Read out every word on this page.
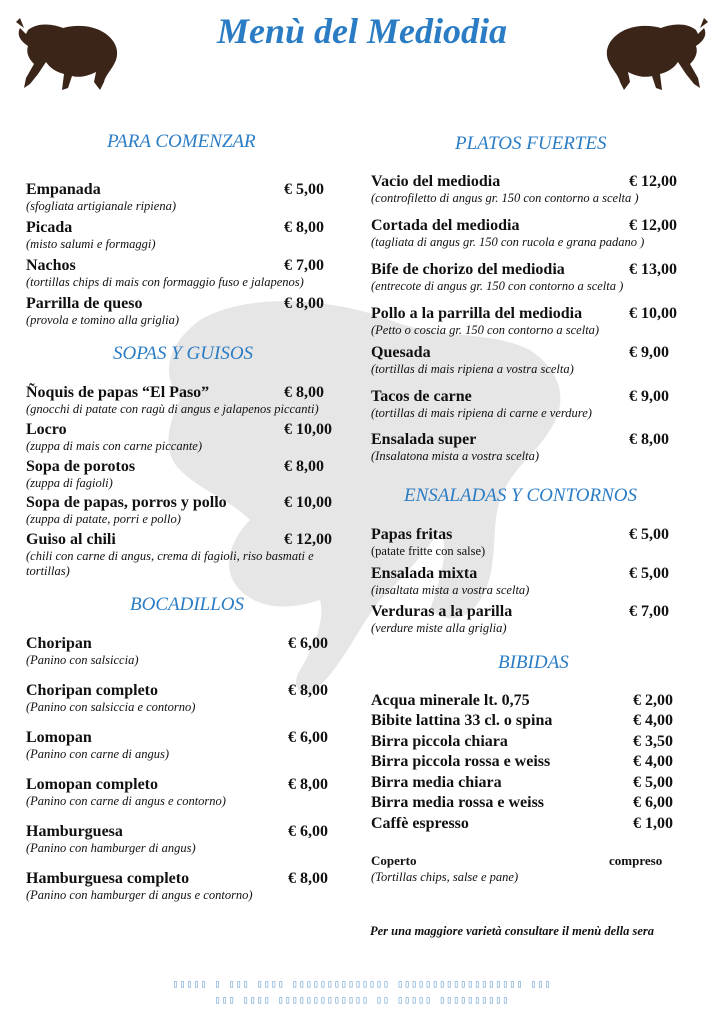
Menù del Mediodia
PARA COMENZAR
SOPAS Y GUISOS
BOCADILLOS
PLATOS FUERTES
ENSALADAS Y CONTORNOS
BIBIDAS
Empanada
(sfogliata artigianale ripiena)
€ 5,00
Picada
(misto salumi e formaggi)
€ 8,00
Nachos
(tortillas chips di mais con formaggio fuso e jalapenos)
€ 7,00
Parrilla de queso
(provola e tomino alla griglia)
€ 8,00
Ñoquis de papas “El Paso”
(gnocchi di patate con ragù di angus e jalapenos piccanti)
€ 8,00
Locro
(zuppa di mais con carne piccante)
€ 10,00
Sopa de porotos
(zuppa di fagioli)
€ 8,00
Sopa de papas, porros y pollo
(zuppa di patate, porri e pollo)
€ 10,00
Guiso al chili
(chili con carne di angus, crema di fagioli, riso basmati e tortillas)
€ 12,00
Choripan
(Panino con salsiccia)
€ 6,00
Choripan completo
(Panino con salsiccia e contorno)
€ 8,00
Lomopan
(Panino con carne di angus)
€ 6,00
Lomopan completo
(Panino con carne di angus e contorno)
€ 8,00
Hamburguesa
(Panino con hamburger di angus)
€ 6,00
Hamburguesa completo
(Panino con hamburger di angus e contorno)
€ 8,00
Vacio del mediodia
(controfiletto di angus gr. 150 con contorno a scelta )
€ 12,00
Cortada del mediodia
(tagliata di angus gr. 150 con rucola e grana padano )
€ 12,00
Bife de chorizo del mediodia
(entrecote di angus gr. 150 con contorno a scelta )
€ 13,00
Pollo a la parrilla del mediodia
(Petto o coscia gr. 150 con contorno a scelta)
€ 10,00
Quesada
(tortillas di mais ripiena a vostra scelta)
€ 9,00
Tacos de carne
(tortillas di mais ripiena di carne e verdure)
€ 9,00
Ensalada super
(Insalatona mista a vostra scelta)
€ 8,00
Papas fritas
(patate fritte con salse)
€ 5,00
Ensalada mixta
(insaltata mista a vostra scelta)
€ 5,00
Verduras a la parilla
(verdure miste alla griglia)
€ 7,00
Acqua minerale lt. 0,75	€ 2,00
Bibite lattina 33 cl. o spina	€ 4,00
Birra piccola chiara	€ 3,50
Birra piccola rossa e weiss	€ 4,00
Birra media chiara	€ 5,00
Birra media rossa e weiss	€ 6,00
Caffè espresso	€ 1,00
Coperto
(Tortillas chips, salse e pane)
compreso
Per una maggiore varietà consultare il menù della sera
▯▯▯▯▯ ▯ ▯▯▯ ▯▯▯▯ ▯▯▯▯▯▯▯▯▯▯▯▯▯▯ ▯▯▯▯▯▯▯▯▯▯▯▯▯▯▯▯▯▯ ▯▯▯
▯▯▯ ▯▯▯▯ ▯▯▯▯▯▯▯▯▯▯▯▯▯ ▯▯ ▯▯▯▯▯ ▯▯▯▯▯▯▯▯▯▯
